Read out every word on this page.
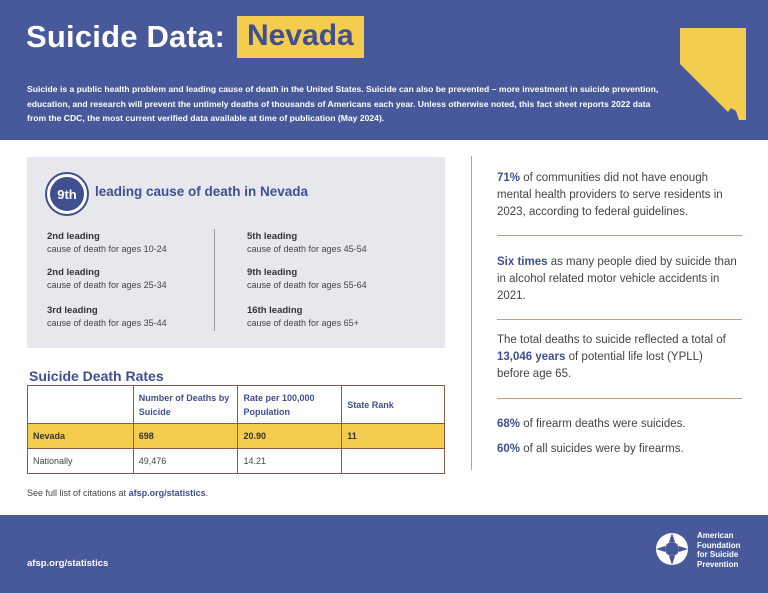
Suicide Data: Nevada

Suicide is a public health problem and leading cause of death in the United States. Suicide can also be prevented – more investment in suicide prevention, education, and research will prevent the untimely deaths of thousands of Americans each year. Unless otherwise noted, this fact sheet reports 2022 data from the CDC, the most current verified data available at time of publication (May 2024).

9th	leading cause of death in Nevada
2nd leading
cause of death for ages 10-24
2nd leading
cause of death for ages 25-34
3rd leading
cause of death for ages 35-44
5th leading
cause of death for ages 45-54
9th leading
cause of death for ages 55-64
16th leading
cause of death for ages 65+
Suicide Death Rates
	Number of Deaths by Suicide	Rate per 100,000 Population	State Rank
Nevada	698	20.90	11
Nationally	49,476	14.21	
See full list of citations at afsp.org/statistics.
71% of communities did not have enough mental health providers to serve residents in 2023, according to federal guidelines.
Six times as many people died by suicide than in alcohol related motor vehicle accidents in 2021.
The total deaths to suicide reflected a total of 13,046 years of potential life lost (YPLL) before age 65.
68% of firearm deaths were suicides.
60% of all suicides were by firearms.
afsp.org/statistics
American
Foundation
for Suicide
Prevention
